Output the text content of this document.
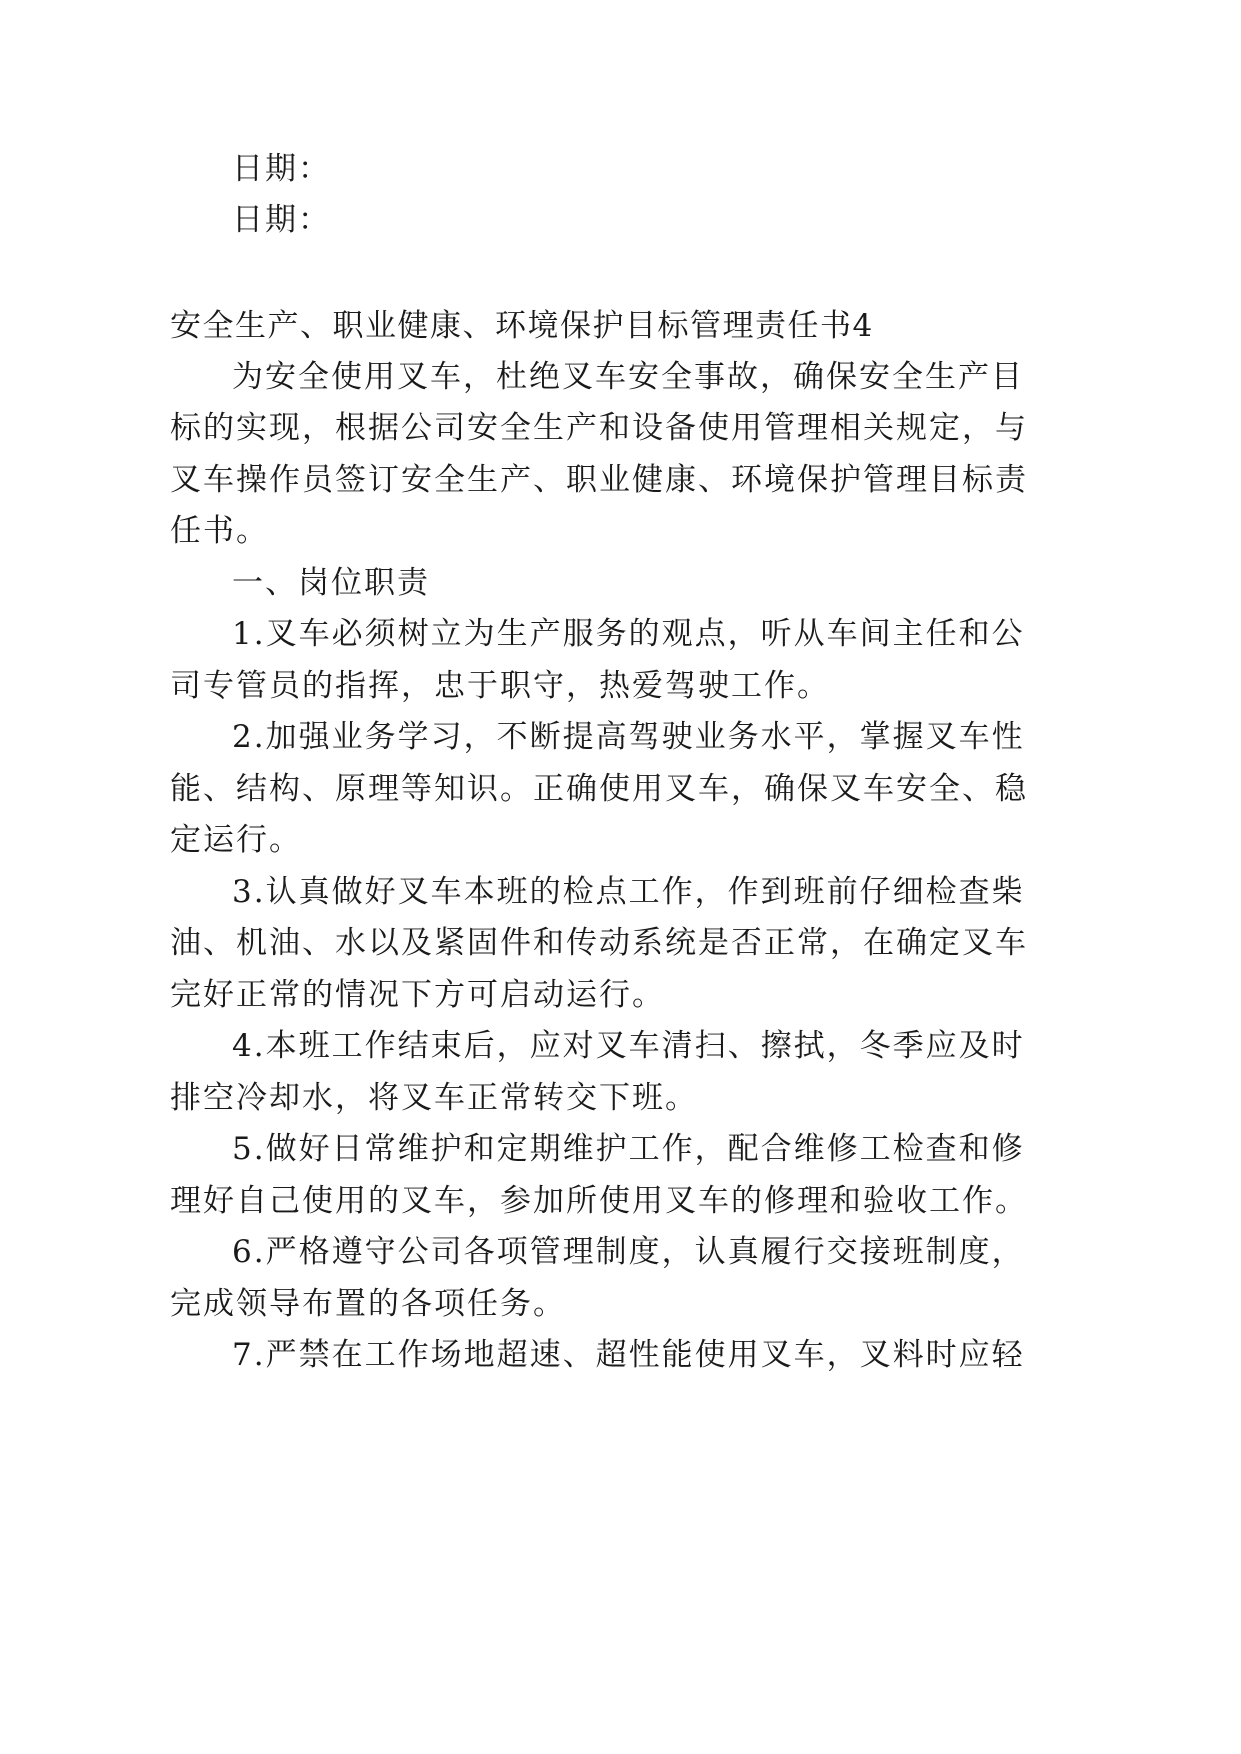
日期：
日期：
安全生产、职业健康、环境保护目标管理责任书4
为安全使用叉车，杜绝叉车安全事故，确保安全生产目
标的实现，根据公司安全生产和设备使用管理相关规定，与
叉车操作员签订安全生产、职业健康、环境保护管理目标责
任书。
一、岗位职责
1.叉车必须树立为生产服务的观点，听从车间主任和公
司专管员的指挥，忠于职守，热爱驾驶工作。
2.加强业务学习，不断提高驾驶业务水平，掌握叉车性
能、结构、原理等知识。正确使用叉车，确保叉车安全、稳
定运行。
3.认真做好叉车本班的检点工作，作到班前仔细检查柴
油、机油、水以及紧固件和传动系统是否正常，在确定叉车
完好正常的情况下方可启动运行。
4.本班工作结束后，应对叉车清扫、擦拭，冬季应及时
排空冷却水，将叉车正常转交下班。
5.做好日常维护和定期维护工作，配合维修工检查和修
理好自己使用的叉车，参加所使用叉车的修理和验收工作。
6.严格遵守公司各项管理制度，认真履行交接班制度，
完成领导布置的各项任务。
7.严禁在工作场地超速、超性能使用叉车，叉料时应轻
